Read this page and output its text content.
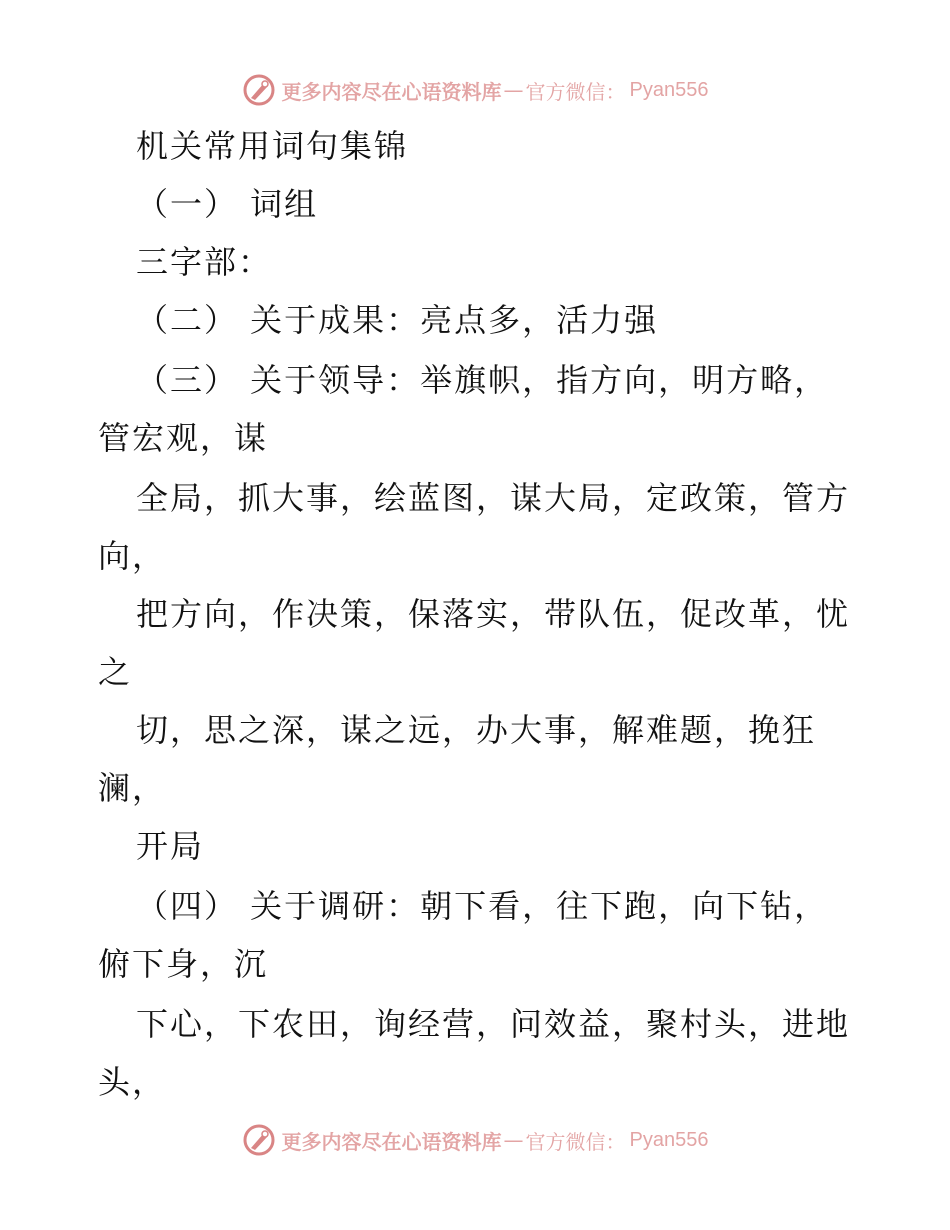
更多内容尽在心语资料库 — 官方微信： Pyan556
机关常用词句集锦
（一） 词组
三字部：
（二） 关于成果：亮点多，活力强
（三） 关于领导：举旗帜，指方向，明方略，
管宏观，谋
全局，抓大事，绘蓝图，谋大局，定政策，管方
向，
把方向，作决策，保落实，带队伍，促改革，忧
之
切，思之深，谋之远，办大事，解难题，挽狂
澜，
开局
（四） 关于调研：朝下看，往下跑，向下钻，
俯下身，沉
下心，下农田，询经营，问效益，聚村头，进地
头，
更多内容尽在心语资料库 — 官方微信： Pyan556
